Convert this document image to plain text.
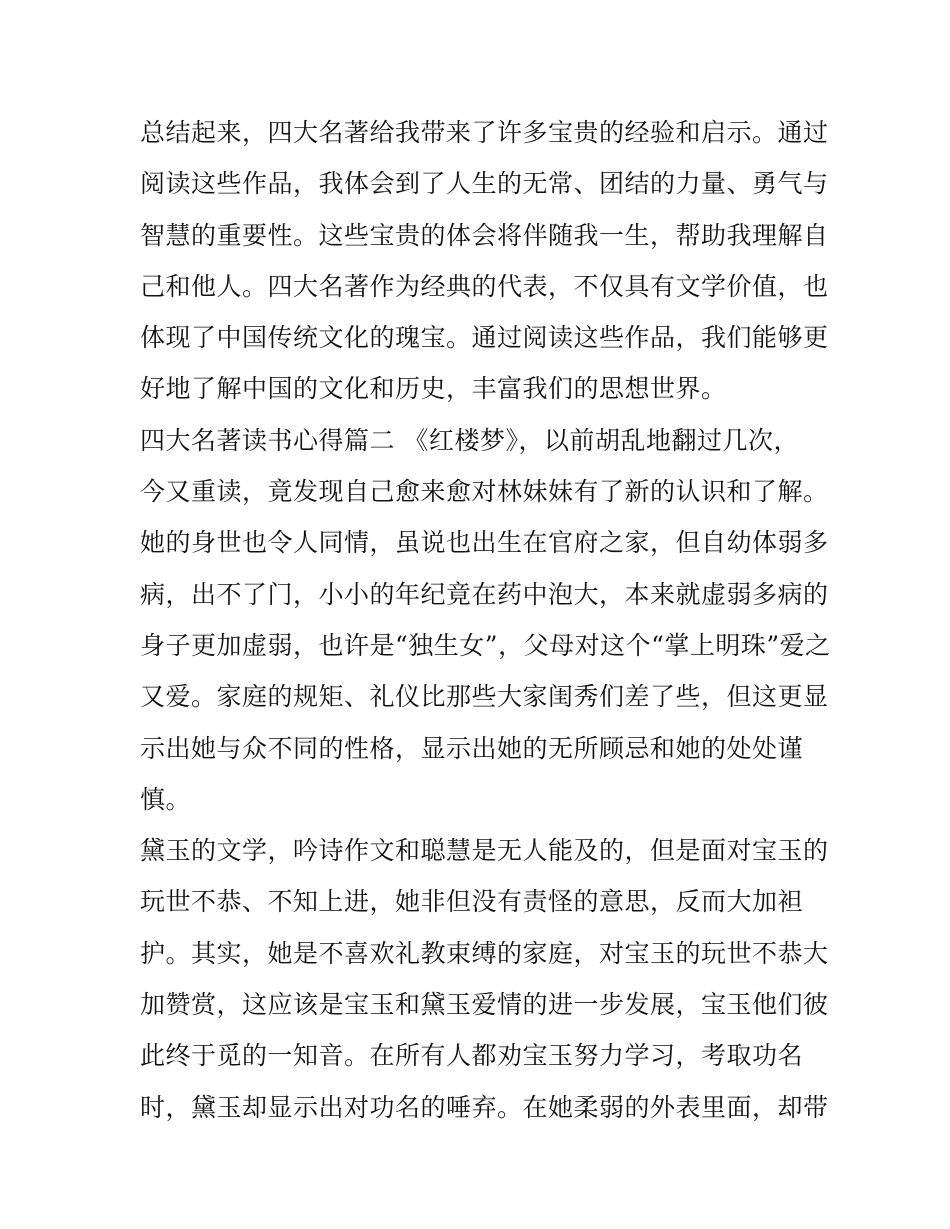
总结起来，四大名著给我带来了许多宝贵的经验和启示。通过
阅读这些作品，我体会到了人生的无常、团结的力量、勇气与
智慧的重要性。这些宝贵的体会将伴随我一生，帮助我理解自
己和他人。四大名著作为经典的代表，不仅具有文学价值，也
体现了中国传统文化的瑰宝。通过阅读这些作品，我们能够更
好地了解中国的文化和历史，丰富我们的思想世界。
四大名著读书心得篇二 《红楼梦》，以前胡乱地翻过几次，
今又重读，竟发现自己愈来愈对林妹妹有了新的认识和了解。
她的身世也令人同情，虽说也出生在官府之家，但自幼体弱多
病，出不了门，小小的年纪竟在药中泡大，本来就虚弱多病的
身子更加虚弱，也许是“独生女”，父母对这个“掌上明珠”爱之
又爱。家庭的规矩、礼仪比那些大家闺秀们差了些，但这更显
示出她与众不同的性格，显示出她的无所顾忌和她的处处谨
慎。
黛玉的文学，吟诗作文和聪慧是无人能及的，但是面对宝玉的
玩世不恭、不知上进，她非但没有责怪的意思，反而大加袒
护。其实，她是不喜欢礼教束缚的家庭，对宝玉的玩世不恭大
加赞赏，这应该是宝玉和黛玉爱情的进一步发展，宝玉他们彼
此终于觅的一知音。在所有人都劝宝玉努力学习，考取功名
时，黛玉却显示出对功名的唾弃。在她柔弱的外表里面，却带
